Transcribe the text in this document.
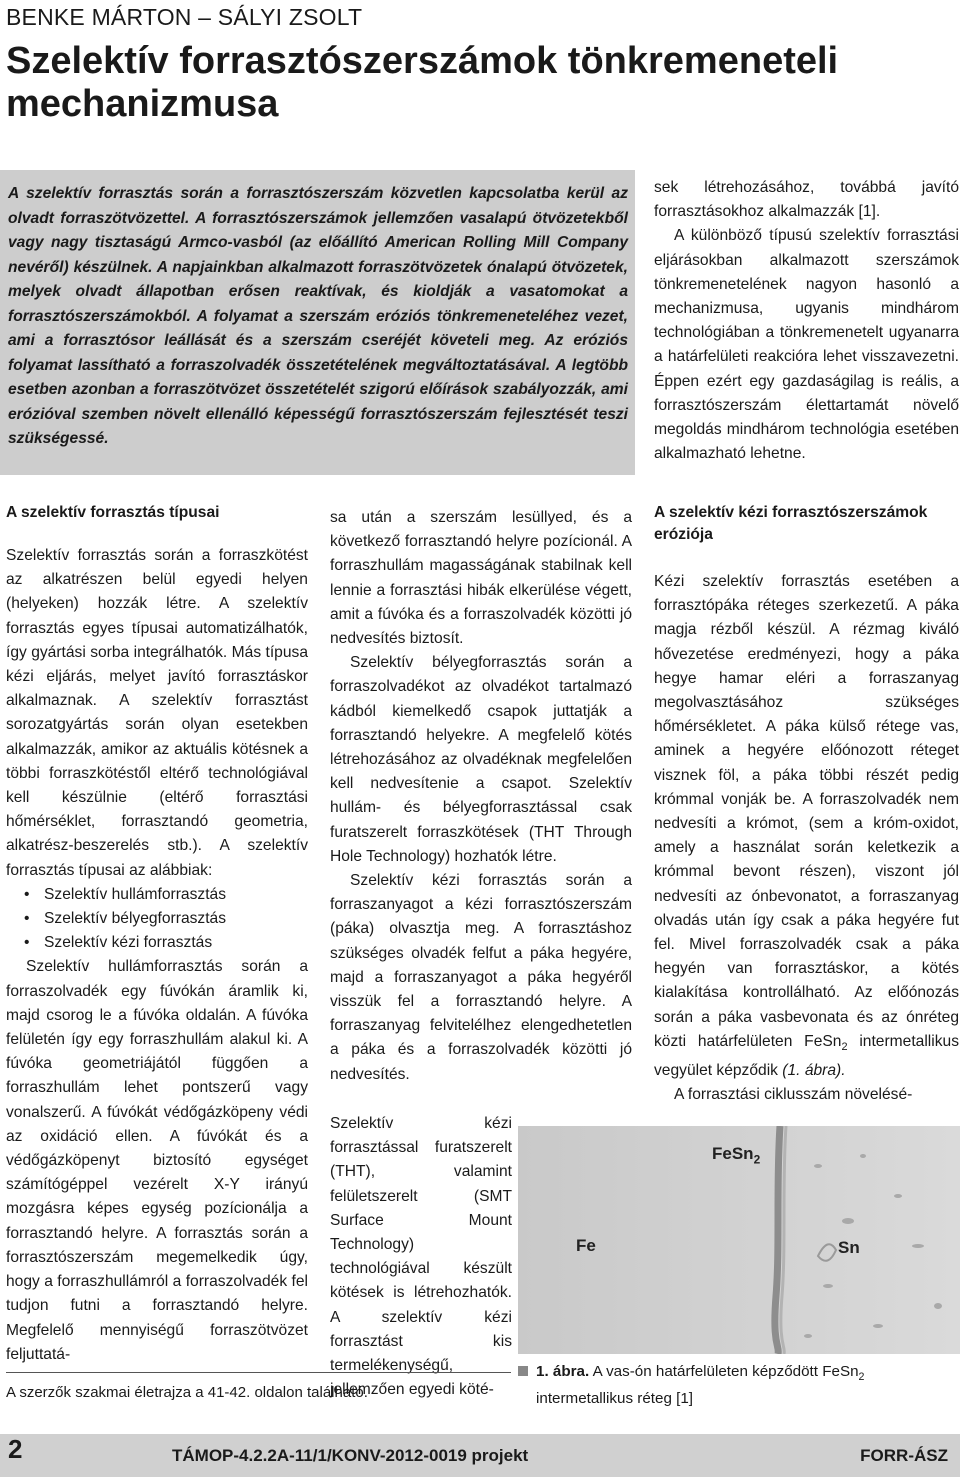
BENKE MÁRTON – SÁLYI ZSOLT
Szelektív forrasztószerszámok tönkremeneteli mechanizmusa

A szelektív forrasztás során a forrasztószerszám közvetlen kapcsolatba kerül az olvadt forraszötvözettel. A forrasztószerszámok jellemzően vasalapú ötvözetekből vagy nagy tisztaságú Armco-vasból (az előállító American Rolling Mill Company nevéről) készülnek. A napjainkban alkalmazott forraszötvözetek ónalapú ötvözetek, melyek olvadt állapotban erősen reaktívak, és kioldják a vasatomokat a forrasztószerszámokból. A folyamat a szerszám eróziós tönkremeneteléhez vezet, ami a forrasztósor leállását és a szerszám cseréjét követeli meg. Az eróziós folyamat lassítható a forraszolvadék összetételének megváltoztatásával. A legtöbb esetben azonban a forraszötvözet összetételét szigorú előírások szabályozzák, ami erózióval szemben növelt ellenálló képességű forrasztószerszám fejlesztését teszi szükségessé.

sek létrehozásához, továbbá javító forrasztásokhoz alkalmazzák [1].

A különböző típusú szelektív forrasztási eljárásokban alkalmazott szerszámok tönkremenetelének nagyon hasonló a mechanizmusa, ugyanis mindhárom technológiában a tönkremenetelt ugyanarra a határfelületi reakcióra lehet visszavezetni. Éppen ezért egy gazdaságilag is reális, a forrasztószerszám élettartamát növelő megoldás mindhárom technológia esetében alkalmazható lehetne.

A szelektív forrasztás típusai

Szelektív forrasztás során a forraszkötést az alkatrészen belül egyedi helyen (helyeken) hozzák létre. A szelektív forrasztás egyes típusai automatizálhatók, így gyártási sorba integrálhatók. Más típusa kézi eljárás, melyet javító forrasztáskor alkalmaznak. A szelektív forrasztást sorozatgyártás során olyan esetekben alkalmazzák, amikor az aktuális kötésnek a többi forraszkötéstől eltérő technológiával kell készülnie (eltérő forrasztási hőmérséklet, forrasztandó geometria, alkatrész-beszerelés stb.). A szelektív forrasztás típusai az alábbiak:

• Szelektív hullámforrasztás
• Szelektív bélyegforrasztás
• Szelektív kézi forrasztás

Szelektív hullámforrasztás során a forraszolvadék egy fúvókán áramlik ki, majd csorog le a fúvóka oldalán. A fúvóka felületén így egy forraszhullám alakul ki. A fúvóka geometriájától függően a forraszhullám lehet pontszerű vagy vonalszerű. A fúvókát védőgázköpeny védi az oxidáció ellen. A fúvókát és a védőgázköpenyt biztosító egységet számítógéppel vezérelt X-Y irányú mozgásra képes egység pozícionálja a forrasztandó helyre. A forrasztás során a forrasztószerszám megemelkedik úgy, hogy a forraszhullámról a forraszolvadék fel tudjon futni a forrasztandó helyre. Megfelelő mennyiségű forraszötvözet feljuttatá-

sa után a szerszám lesüllyed, és a következő forrasztandó helyre pozícionál. A forraszhullám magasságának stabilnak kell lennie a forrasztási hibák elkerülése végett, amit a fúvóka és a forraszolvadék közötti jó nedvesítés biztosít.

Szelektív bélyegforrasztás során a forraszolvadékot az olvadékot tartalmazó kádból kiemelkedő csapok juttatják a forrasztandó helyekre. A megfelelő kötés létrehozásához az olvadéknak megfelelően kell nedvesítenie a csapot. Szelektív hullám- és bélyegforrasztással csak furatszerelt forraszkötések (THT Through Hole Technology) hozhatók létre.

Szelektív kézi forrasztás során a forraszanyagot a kézi forrasztószerszám (páka) olvasztja meg. A forrasztáshoz szükséges olvadék felfut a páka hegyére, majd a forraszanyagot a páka hegyéről visszük fel a forrasztandó helyre. A forraszanyag felvitelélhez elengedhetetlen a páka és a forraszolvadék közötti jó nedvesítés.

Szelektív kézi forrasztással furatszerelt (THT), valamint felületszerelt (SMT Surface Mount Technology) technológiával készült kötések is létrehozhatók. A szelektív kézi forrasztást kis termelékenységű, jellemzően egyedi köté-
A szelektív kézi forrasztószerszámok eróziója

Kézi szelektív forrasztás esetében a forrasztópáka réteges szerkezetű. A páka magja rézből készül. A rézmag kiváló hővezetése eredményezi, hogy a páka hegye hamar eléri a forraszanyag megolvasztásához szükséges hőmérsékletet. A páka külső rétege vas, aminek a hegyére előónozott réteget visznek föl, a páka többi részét pedig krómmal vonják be. A forraszolvadék nem nedvesíti a krómot, (sem a króm-oxidot, amely a használat során keletkezik a krómmal bevont részen), viszont jól nedvesíti az ónbevonatot, a forraszanyag olvadás után így csak a páka hegyére fut fel. Mivel forraszolvadék csak a páka hegyén van forrasztáskor, a kötés kialakítása kontrollálható. Az előónozás során a páka vasbevonata és az ónréteg közti határfelületen FeSn$_2$ intermetallikus vegyület képződik (1. ábra).

A forrasztási ciklusszám növelésé-

FeSn$_2$
Fe	Sn
1. ábra. A vas-ón határfelületen képződött FeSn$_2$ intermetallikus réteg [1]
A szerzők szakmai életrajza a 41-42. oldalon található.
2	TÁMOP-4.2.2A-11/1/KONV-2012-0019 projekt	FORR-ÁSZ
